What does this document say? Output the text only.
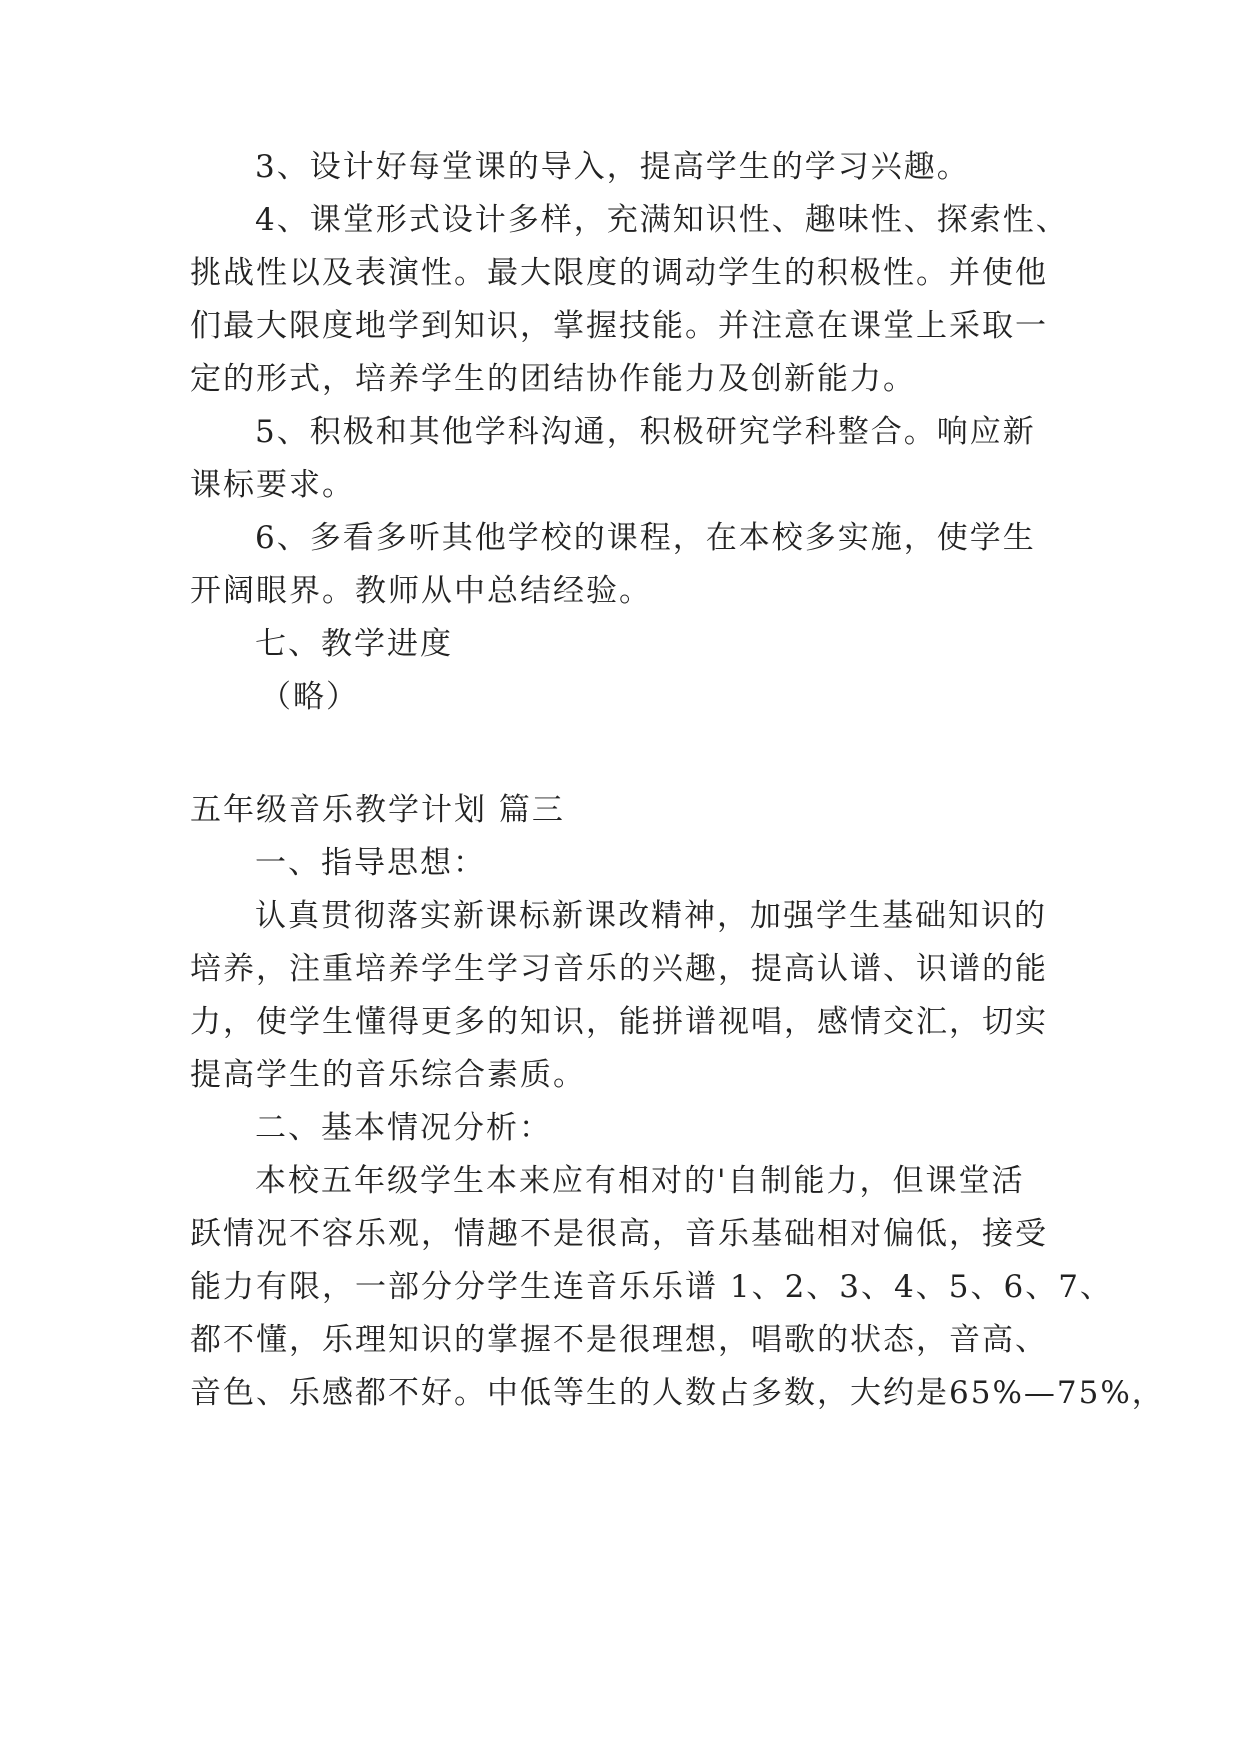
3、设计好每堂课的导入，提高学生的学习兴趣。
4、课堂形式设计多样，充满知识性、趣味性、探索性、
挑战性以及表演性。最大限度的调动学生的积极性。并使他
们最大限度地学到知识，掌握技能。并注意在课堂上采取一
定的形式，培养学生的团结协作能力及创新能力。
5、积极和其他学科沟通，积极研究学科整合。响应新
课标要求。
6、多看多听其他学校的课程，在本校多实施，使学生
开阔眼界。教师从中总结经验。
七、教学进度
（略）
五年级音乐教学计划 篇三
一、指导思想：
认真贯彻落实新课标新课改精神，加强学生基础知识的
培养，注重培养学生学习音乐的兴趣，提高认谱、识谱的能
力，使学生懂得更多的知识，能拼谱视唱，感情交汇，切实
提高学生的音乐综合素质。
二、基本情况分析：
本校五年级学生本来应有相对的'自制能力，但课堂活
跃情况不容乐观，情趣不是很高，音乐基础相对偏低，接受
能力有限，一部分分学生连音乐乐谱 1、2、3、4、5、6、7、
都不懂，乐理知识的掌握不是很理想，唱歌的状态，音高、
音色、乐感都不好。中低等生的人数占多数，大约是65%—75%，
